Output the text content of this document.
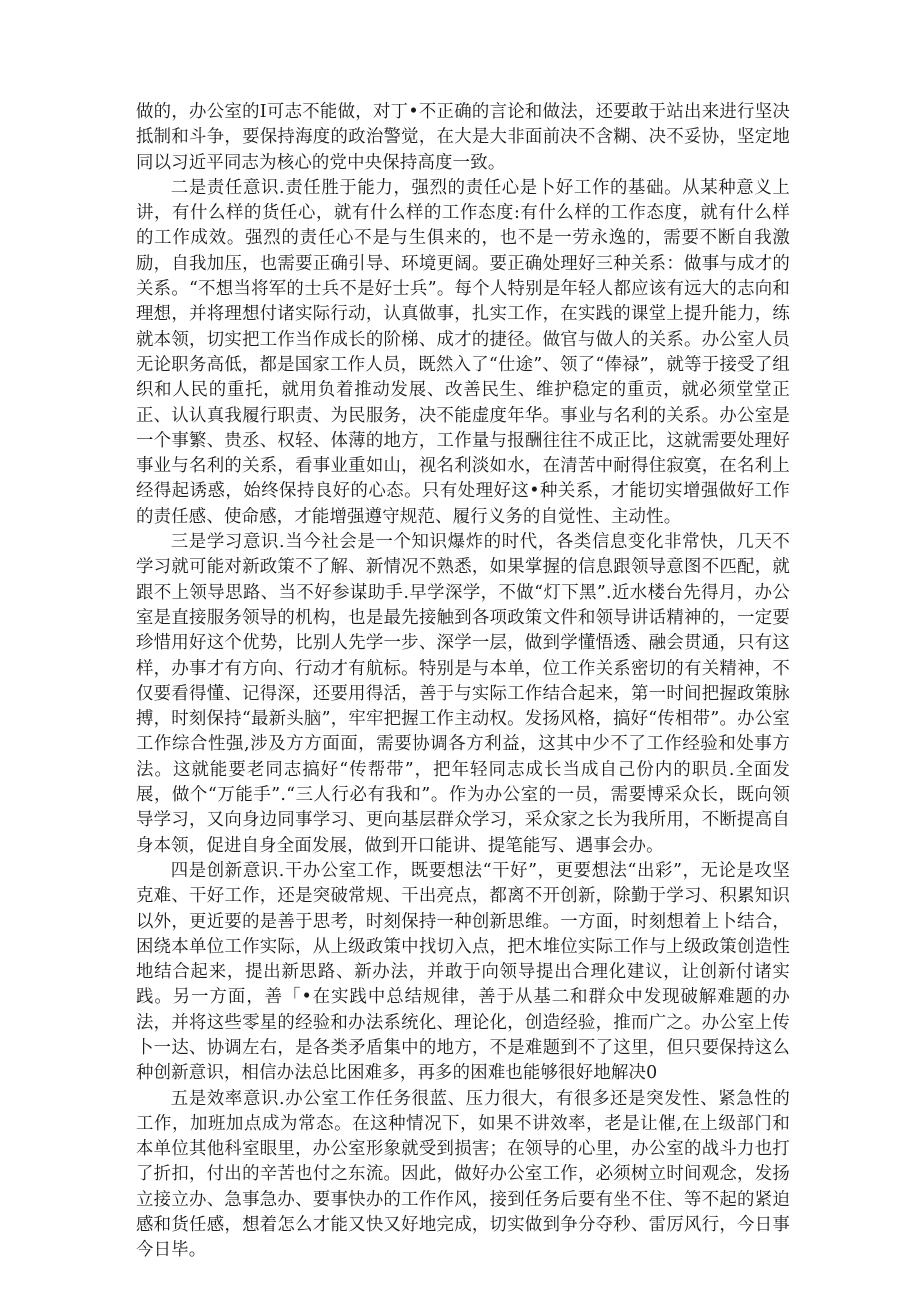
做的，办公室的I可志不能做，对丁•不正确的言论和做法，还要敢于站出来进行坚决抵制和斗争，要保持海度的政治警觉，在大是大非面前决不含糊、决不妥协，坚定地同以习近平同志为核心的党中央保持高度一致。

二是责任意识.责任胜于能力，强烈的责任心是卜好工作的基础。从某种意义上讲，有什么样的货任心，就有什么样的工作态度:有什么样的工作态度，就有什么样的工作成效。强烈的责任心不是与生俱来的，也不是一劳永逸的，需要不断自我激励，自我加压，也需要正确引导、环境更阔。要正确处理好三种关系：做事与成才的关系。“不想当将军的士兵不是好士兵”。每个人特别是年轻人都应该有远大的志向和理想，并将理想付诸实际行动，认真做事，扎实工作，在实践的课堂上提升能力，练就本领，切实把工作当作成长的阶梯、成才的捷径。做官与做人的关系。办公室人员无论职务高低，都是国家工作人员，既然入了“仕途”、领了“俸禄”，就等于接受了组织和人民的重托，就用负着推动发展、改善民生、维护稳定的重贡，就必须堂堂正正、认认真我履行职责、为民服务，决不能虚度年华。事业与名利的关系。办公室是一个事繁、贵丞、权轻、体薄的地方，工作量与报酬往往不成正比，这就需要处理好事业与名利的关系，看事业重如山，视名利淡如水，在清苦中耐得住寂寞，在名利上经得起诱惑，始终保持良好的心态。只有处理好这•种关系，才能切实增强做好工作的责任感、使命感，才能增强遵守规范、履行义务的自觉性、主动性。

三是学习意识.当今社会是一个知识爆炸的时代，各类信息变化非常快，几天不学习就可能对新政策不了解、新情况不熟悉，如果掌握的信息跟领导意图不匹配，就跟不上领导思路、当不好参谋助手.早学深学，不做“灯下黑”.近水楼台先得月，办公室是直接服务领导的机构，也是最先接触到各项政策文件和领导讲话精神的，一定要珍惜用好这个优势，比别人先学一步、深学一层，做到学懂悟透、融会贯通，只有这样，办事才有方向、行动才有航标。特别是与本单，位工作关系密切的有关精神，不仅要看得懂、记得深，还要用得活，善于与实际工作结合起来，第一时间把握政策脉搏，时刻保持“最新头脑”，牢牢把握工作主动权。发扬风格，搞好“传相带”。办公室工作综合性强,涉及方方面面，需要协调各方利益，这其中少不了工作经验和处事方法。这就能要老同志搞好“传帮带”，把年轻同志成长当成自己份内的职员.全面发展，做个“万能手”.“三人行必有我和”。作为办公室的一员，需要博采众长，既向领导学习，又向身边同事学习、更向基层群众学习，采众家之长为我所用，不断提高自身本领，促进自身全面发展，做到开口能讲、提笔能写、遇事会办。

四是创新意识.干办公室工作，既要想法“干好”，更要想法“出彩”，无论是攻坚克难、干好工作，还是突破常规、干出亮点，都离不开创新，除勤于学习、积累知识以外，更近要的是善于思考，时刻保持一种创新思维。一方面，时刻想着上卜结合，困绕本单位工作实际，从上级政策中找切入点，把木堆位实际工作与上级政策创造性地结合起来，提出新思路、新办法，并敢于向领导提出合理化建议，让创新付诸实践。另一方面，善「•在实践中总结规律，善于从基二和群众中发现破解难题的办法，并将这些零星的经验和办法系统化、理论化，创造经验，推而广之。办公室上传卜一达、协调左右，是各类矛盾集中的地方，不是难题到不了这里，但只要保持这么种创新意识，相信办法总比困难多，再多的困难也能够很好地解决0

五是效率意识.办公室工作任务很蓝、压力很大，有很多还是突发性、紧急性的工作，加班加点成为常态。在这种情况下，如果不讲效率，老是让催,在上级部门和本单位其他科室眼里，办公室形象就受到损害；在领导的心里，办公室的战斗力也打了折扣，付出的辛苦也付之东流。因此，做好办公室工作，必须树立时间观念，发扬立接立办、急事急办、要事快办的工作作风，接到任务后要有坐不住、等不起的紧迫感和货任感，想着怎么才能又快又好地完成，切实做到争分夺秒、雷厉风行，今日事今日毕。
